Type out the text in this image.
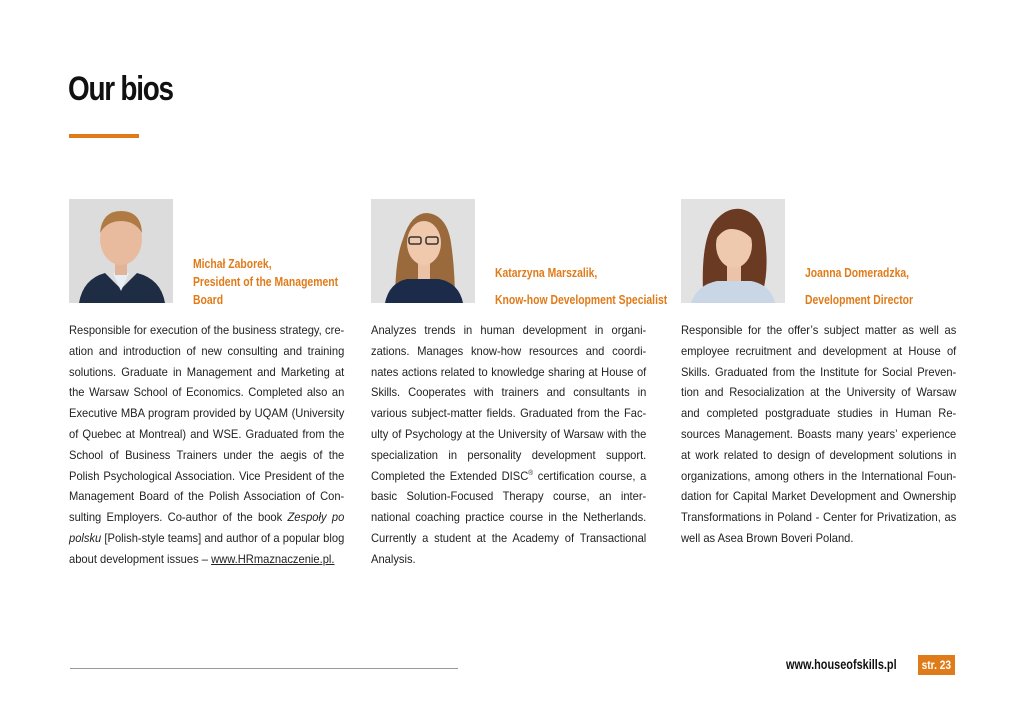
Our bios
Michał Zaborek,
President of the Management
Board
Responsible for execution of the business strategy, creation and introduction of new consulting and training solutions. Graduate in Management and Marketing at the Warsaw School of Economics. Completed also an Executive MBA program provided by UQAM (University of Quebec at Montreal) and WSE. Graduated from the School of Business Trainers under the aegis of the Polish Psychological Association. Vice President of the Management Board of the Polish Association of Consulting Employers. Co-author of the book Zespoły po polsku [Polish-style teams] and author of a popular blog about development issues – www.HRmaznaczenie.pl.
Katarzyna Marszalik,
Know-how Development Specialist
Analyzes trends in human development in organizations. Manages know-how resources and coordinates actions related to knowledge sharing at House of Skills. Cooperates with trainers and consultants in various subject-matter fields. Graduated from the Faculty of Psychology at the University of Warsaw with the specialization in personality development support. Completed the Extended DISC® certification course, a basic Solution-Focused Therapy course, an international coaching practice course in the Netherlands. Currently a student at the Academy of Transactional Analysis.
Joanna Domeradzka,
Development Director
Responsible for the offer’s subject matter as well as employee recruitment and development at House of Skills. Graduated from the Institute for Social Prevention and Resocialization at the University of Warsaw and completed postgraduate studies in Human Resources Management. Boasts many years’ experience at work related to design of development solutions in organizations, among others in the International Foundation for Capital Market Development and Ownership Transformations in Poland - Center for Privatization, as well as Asea Brown Boveri Poland.
www.houseofskills.pl	str. 23
